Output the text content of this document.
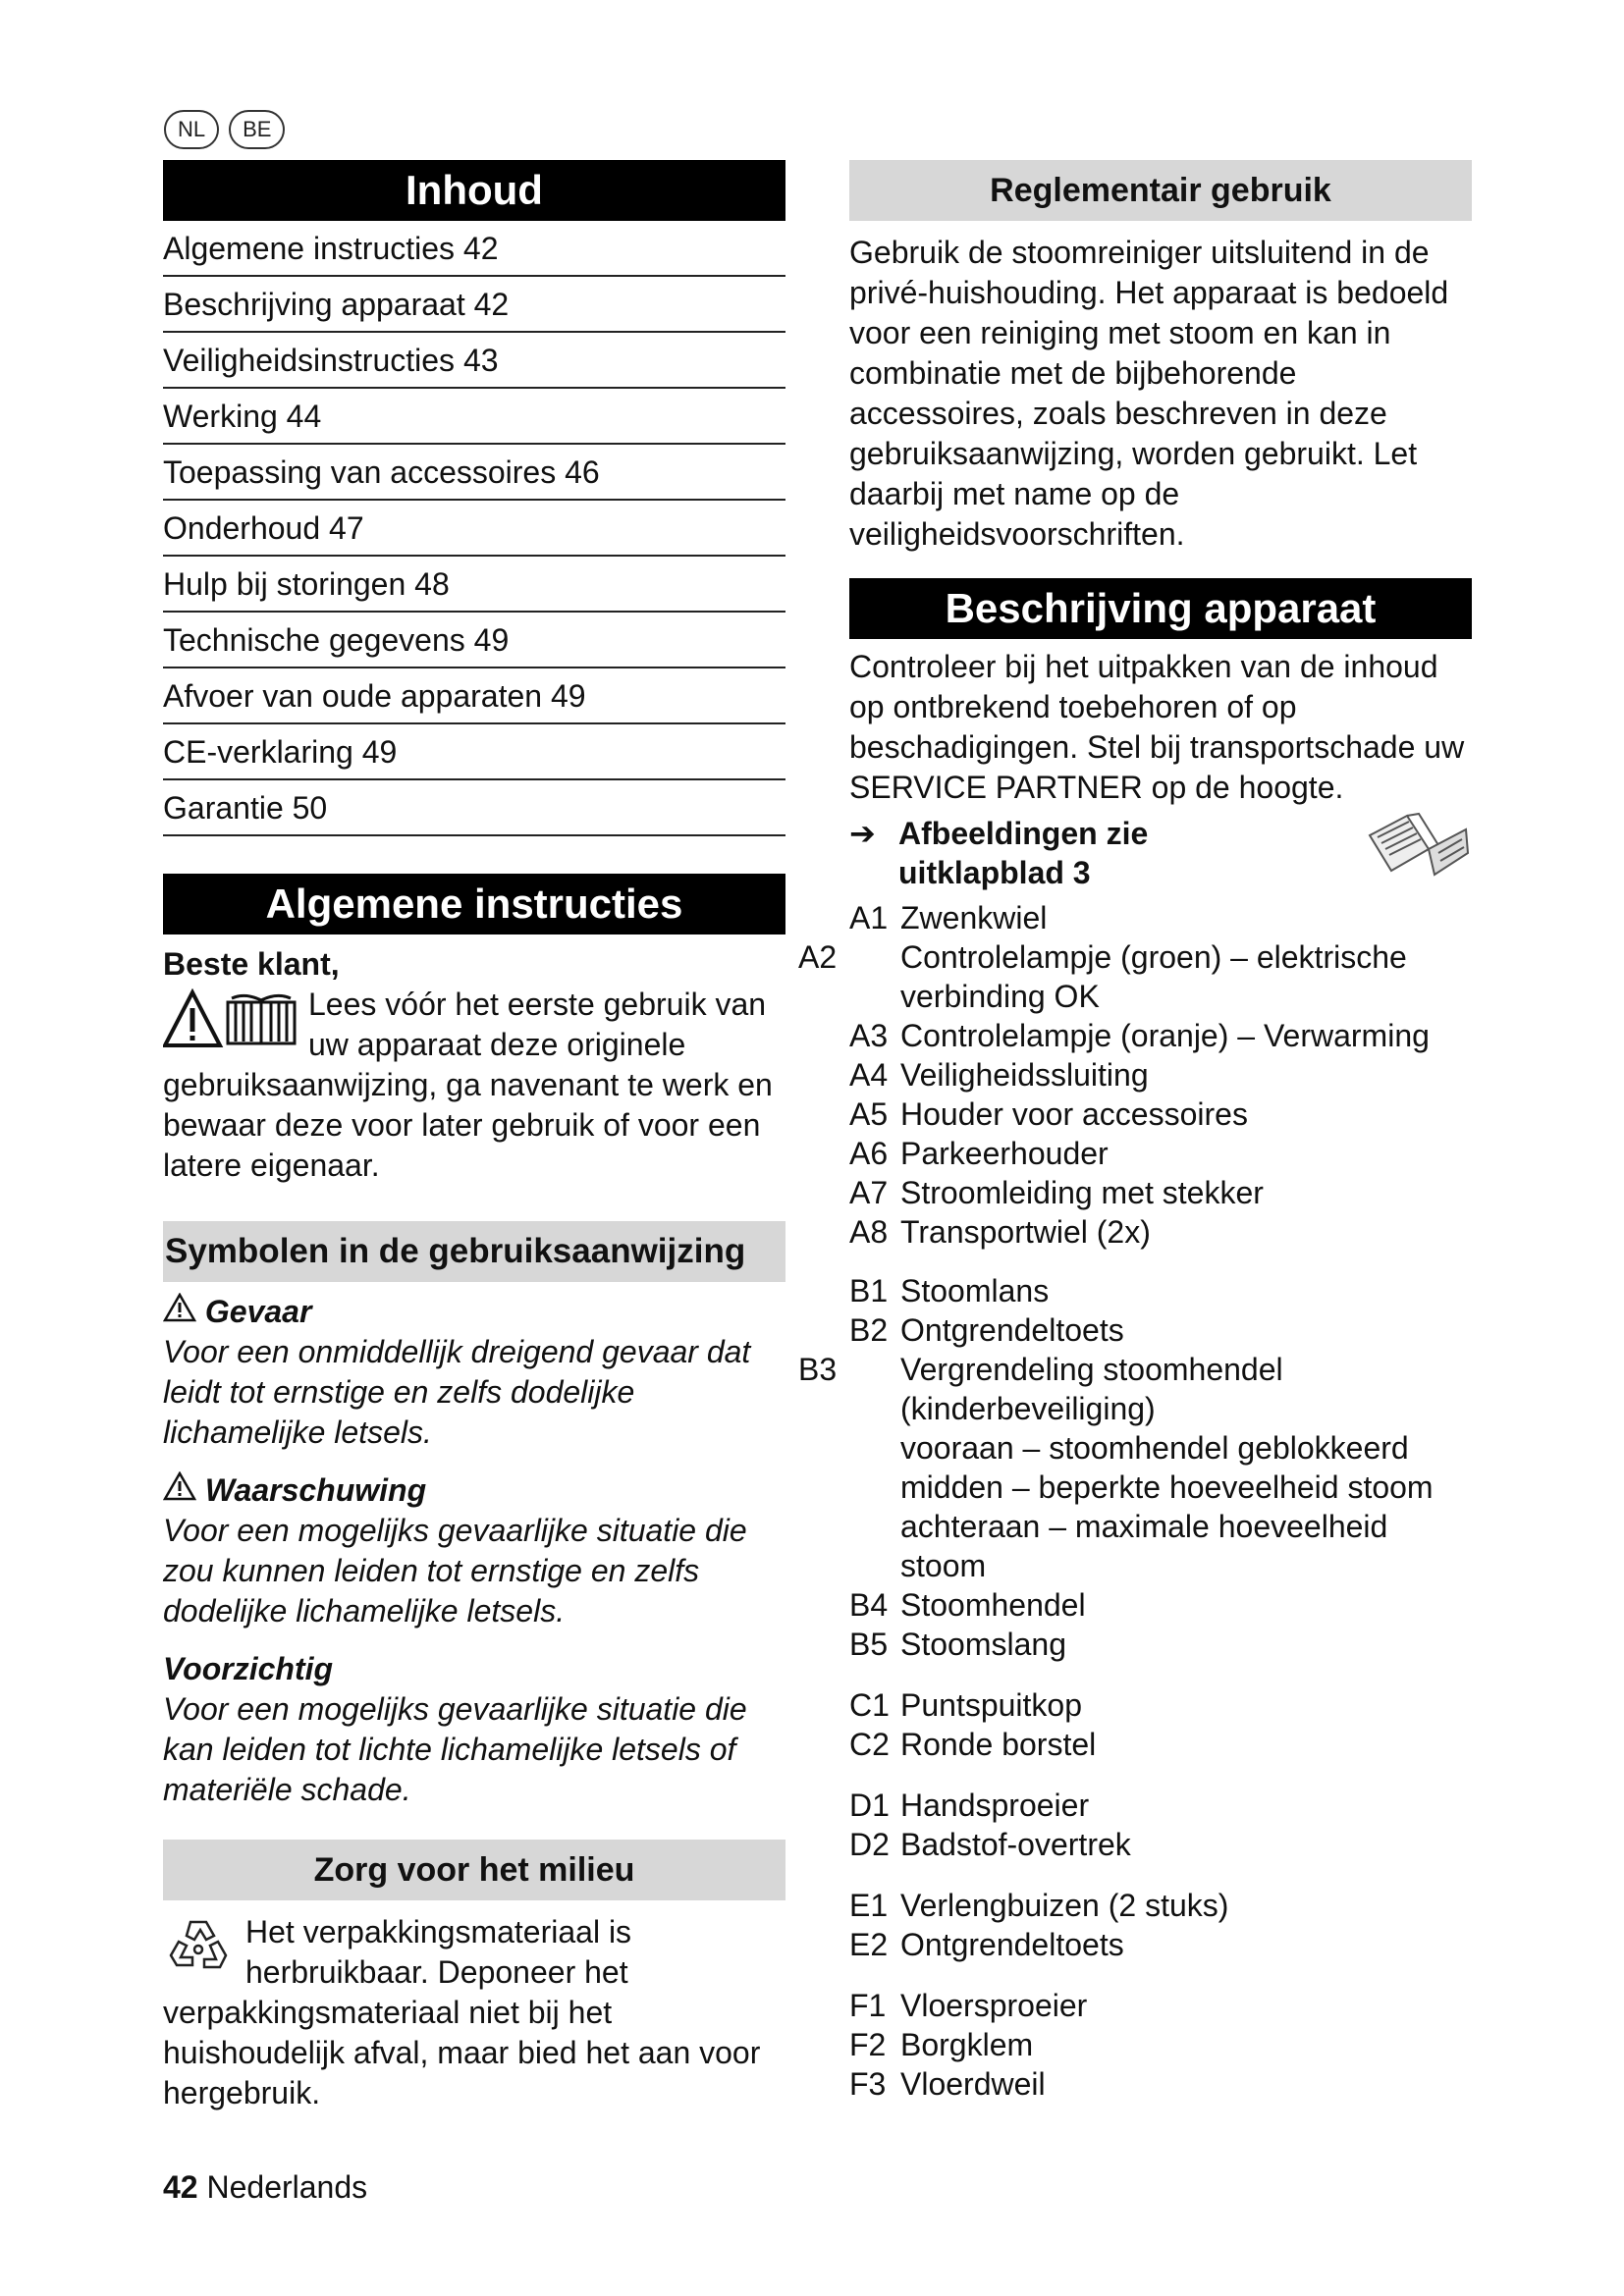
NL	BE
Inhoud
Algemene instructies 42
Beschrijving apparaat 42
Veiligheidsinstructies 43
Werking 44
Toepassing van accessoires 46
Onderhoud 47
Hulp bij storingen 48
Technische gegevens 49
Afvoer van oude apparaten 49
CE-verklaring 49
Garantie 50
Algemene instructies

Beste klant,

Lees vóór het eerste gebruik van uw apparaat deze originele gebruiksaanwijzing, ga navenant te werk en bewaar deze voor later gebruik of voor een latere eigenaar.

Symbolen in de gebruiksaanwijzing

Gevaar

Voor een onmiddellijk dreigend gevaar dat leidt tot ernstige en zelfs dodelijke lichamelijke letsels.

Waarschuwing

Voor een mogelijks gevaarlijke situatie die zou kunnen leiden tot ernstige en zelfs dodelijke lichamelijke letsels.

Voorzichtig

Voor een mogelijks gevaarlijke situatie die kan leiden tot lichte lichamelijke letsels of materiële schade.

Zorg voor het milieu

Het verpakkingsmateriaal is herbruikbaar. Deponeer het verpakkingsmateriaal niet bij het huishoudelijk afval, maar bied het aan voor hergebruik.

Reglementair gebruik

Gebruik de stoomreiniger uitsluitend in de privé-huishouding. Het apparaat is bedoeld voor een reiniging met stoom en kan in combinatie met de bijbehorende accessoires, zoals beschreven in deze gebruiksaanwijzing, worden gebruikt. Let daarbij met name op de veiligheidsvoorschriften.

Beschrijving apparaat

Controleer bij het uitpakken van de inhoud op ontbrekend toebehoren of op beschadigingen. Stel bij transportschade uw SERVICE PARTNER op de hoogte.

➔ Afbeeldingen zie
uitklapblad 3
A1 Zwenkwiel
A2 Controlelampje (groen) – elektrische verbinding OK
A3 Controlelampje (oranje) – Verwarming
A4 Veiligheidssluiting
A5 Houder voor accessoires
A6 Parkeerhouder
A7 Stroomleiding met stekker
A8 Transportwiel (2x)
B1 Stoomlans
B2 Ontgrendeltoets
B3 Vergrendeling stoomhendel (kinderbeveiliging)
vooraan – stoomhendel geblokkeerd
midden – beperkte hoeveelheid stoom
achteraan – maximale hoeveelheid stoom
B4 Stoomhendel
B5 Stoomslang
C1 Puntspuitkop
C2 Ronde borstel
D1 Handsproeier
D2 Badstof-overtrek
E1 Verlengbuizen (2 stuks)
E2 Ontgrendeltoets
F1 Vloersproeier
F2 Borgklem
F3 Vloerdweil
42 Nederlands
